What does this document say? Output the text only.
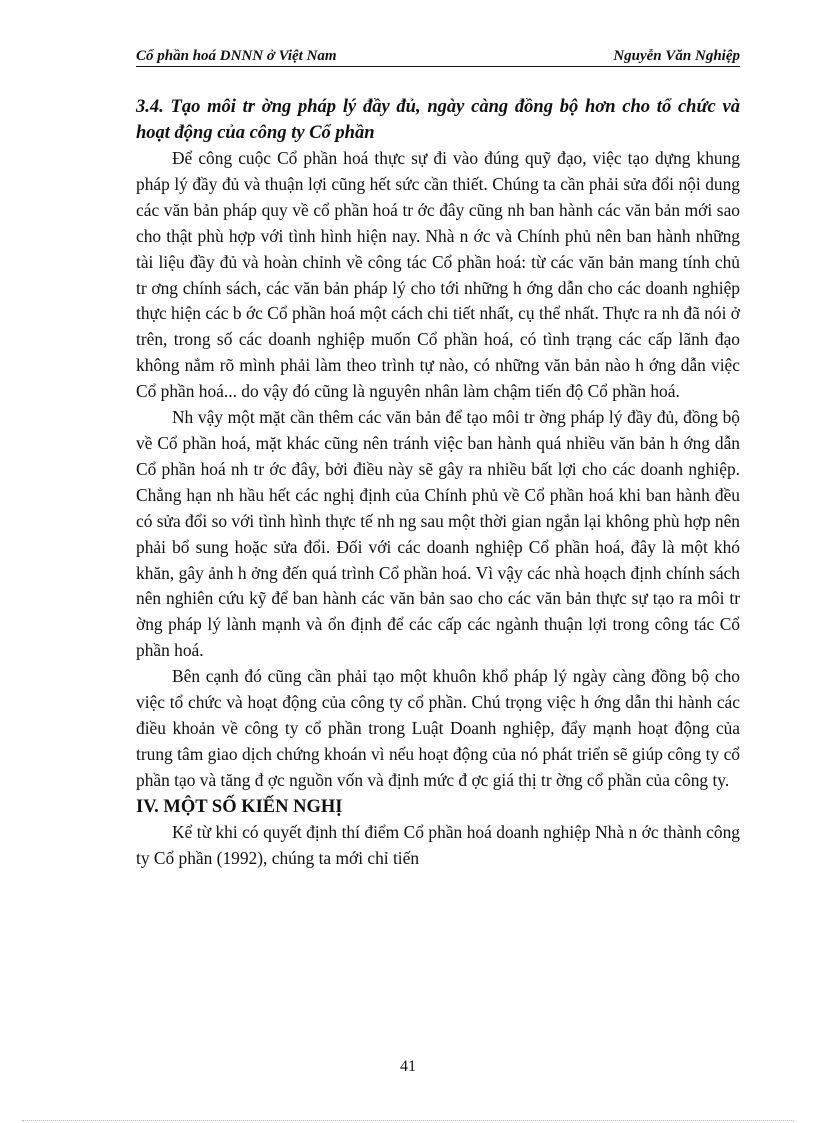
Cổ phần hoá DNNN ở Việt Nam	Nguyễn Văn Nghiệp
3.4. Tạo môi tr ờng pháp lý đầy đủ, ngày càng đồng bộ hơn cho tổ chức và hoạt động của công ty Cổ phần

Để công cuộc Cổ phần hoá thực sự đi vào đúng quỹ đạo, việc tạo dựng khung pháp lý đầy đủ và thuận lợi cũng hết sức cần thiết. Chúng ta cần phải sửa đổi nội dung các văn bản pháp quy về cổ phần hoá tr ớc đây cũng nh ban hành các văn bản mới sao cho thật phù hợp với tình hình hiện nay. Nhà n ớc và Chính phủ nên ban hành những tài liệu đầy đủ và hoàn chỉnh về công tác Cổ phần hoá: từ các văn bản mang tính chủ tr ơng chính sách, các văn bản pháp lý cho tới những h ớng dẫn cho các doanh nghiệp thực hiện các b ớc Cổ phần hoá một cách chi tiết nhất, cụ thể nhất. Thực ra nh đã nói ở trên, trong số các doanh nghiệp muốn Cổ phần hoá, có tình trạng các cấp lãnh đạo không nắm rõ mình phải làm theo trình tự nào, có những văn bản nào h ớng dẫn việc Cổ phần hoá... do vậy đó cũng là nguyên nhân làm chậm tiến độ Cổ phần hoá.

Nh vậy một mặt cần thêm các văn bản để tạo môi tr ờng pháp lý đầy đủ, đồng bộ về Cổ phần hoá, mặt khác cũng nên tránh việc ban hành quá nhiều văn bản h ớng dẫn Cổ phần hoá nh tr ớc đây, bởi điều này sẽ gây ra nhiều bất lợi cho các doanh nghiệp. Chẳng hạn nh hầu hết các nghị định của Chính phủ về Cổ phần hoá khi ban hành đều có sửa đổi so với tình hình thực tế nh ng sau một thời gian ngắn lại không phù hợp nên phải bổ sung hoặc sửa đổi. Đối với các doanh nghiệp Cổ phần hoá, đây là một khó khăn, gây ảnh h ởng đến quá trình Cổ phần hoá. Vì vậy các nhà hoạch định chính sách nên nghiên cứu kỹ để ban hành các văn bản sao cho các văn bản thực sự tạo ra môi tr ờng pháp lý lành mạnh và ổn định để các cấp các ngành thuận lợi trong công tác Cổ phần hoá.

Bên cạnh đó cũng cần phải tạo một khuôn khổ pháp lý ngày càng đồng bộ cho việc tổ chức và hoạt động của công ty cổ phần. Chú trọng việc h ớng dẫn thi hành các điều khoản về công ty cổ phần trong Luật Doanh nghiệp, đẩy mạnh hoạt động của trung tâm giao dịch chứng khoán vì nếu hoạt động của nó phát triển sẽ giúp công ty cổ phần tạo và tăng đ ợc nguồn vốn và định mức đ ợc giá thị tr ờng cổ phần của công ty.

IV. MỘT SỐ KIẾN NGHỊ

Kể từ khi có quyết định thí điểm Cổ phần hoá doanh nghiệp Nhà n ớc thành công ty Cổ phần (1992), chúng ta mới chỉ tiến

41
